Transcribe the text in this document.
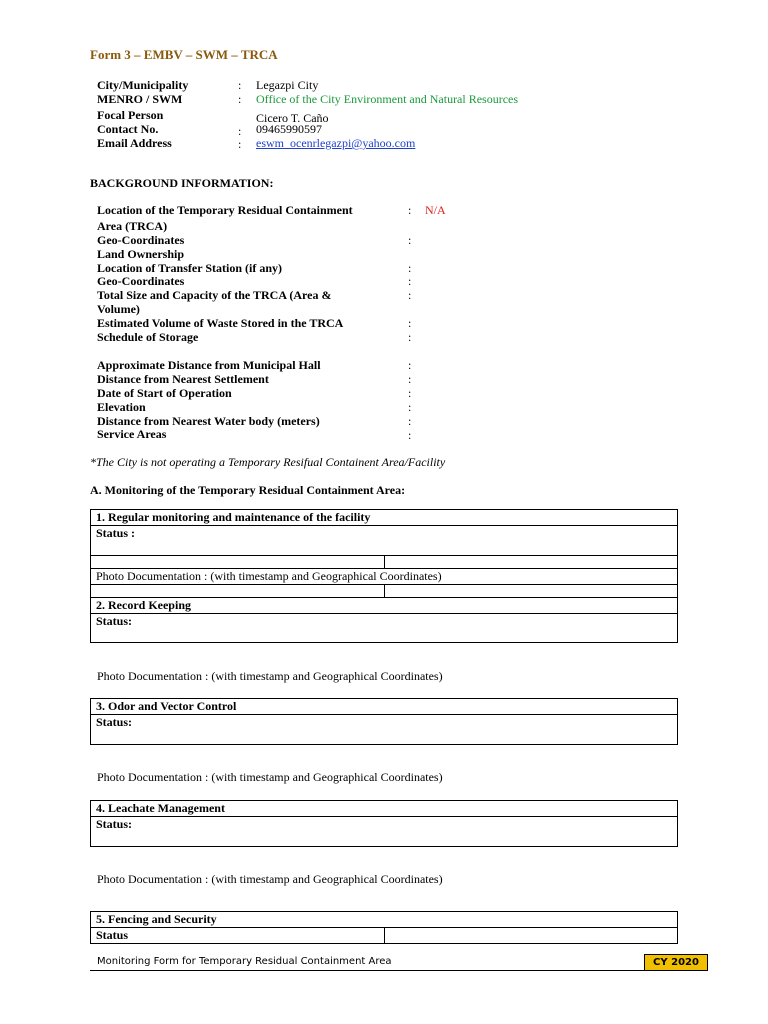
Form 3 – EMBV – SWM – TRCA
City/Municipality	: Legazpi City
MENRO / SWM	: Office of the City Environment and Natural Resources
Focal Person	Cicero T. Caño
Contact No.	: 09465990597
Email Address	: eswm_ocenrlegazpi@yahoo.com
BACKGROUND INFORMATION:
Location of the Temporary Residual Containment	: N/A
Area (TRCA)
Geo-Coordinates	:
Land Ownership
Location of Transfer Station (if any)	:
Geo-Coordinates	:
Total Size and Capacity of the TRCA (Area &	:
Volume)
Estimated Volume of Waste Stored in the TRCA	:
Schedule of Storage	:
Approximate Distance from Municipal Hall	:
Distance from Nearest Settlement	:
Date of Start of Operation	:
Elevation	:
Distance from Nearest Water body (meters)	:
Service Areas	:
*The City is not operating a Temporary Resifual Containent Area/Facility
A. Monitoring of the Temporary Residual Containment Area:
1. Regular monitoring and maintenance of the facility	
Status :	

Photo Documentation : (with timestamp and Geographical Coordinates)	

2. Record Keeping	
Status:	
Photo Documentation : (with timestamp and Geographical Coordinates)
3. Odor and Vector Control
Status:
Photo Documentation : (with timestamp and Geographical Coordinates)
4. Leachate Management
Status:
Photo Documentation : (with timestamp and Geographical Coordinates)
5. Fencing and Security
Status	
Monitoring Form for Temporary Residual Containment Area	CY 2020
